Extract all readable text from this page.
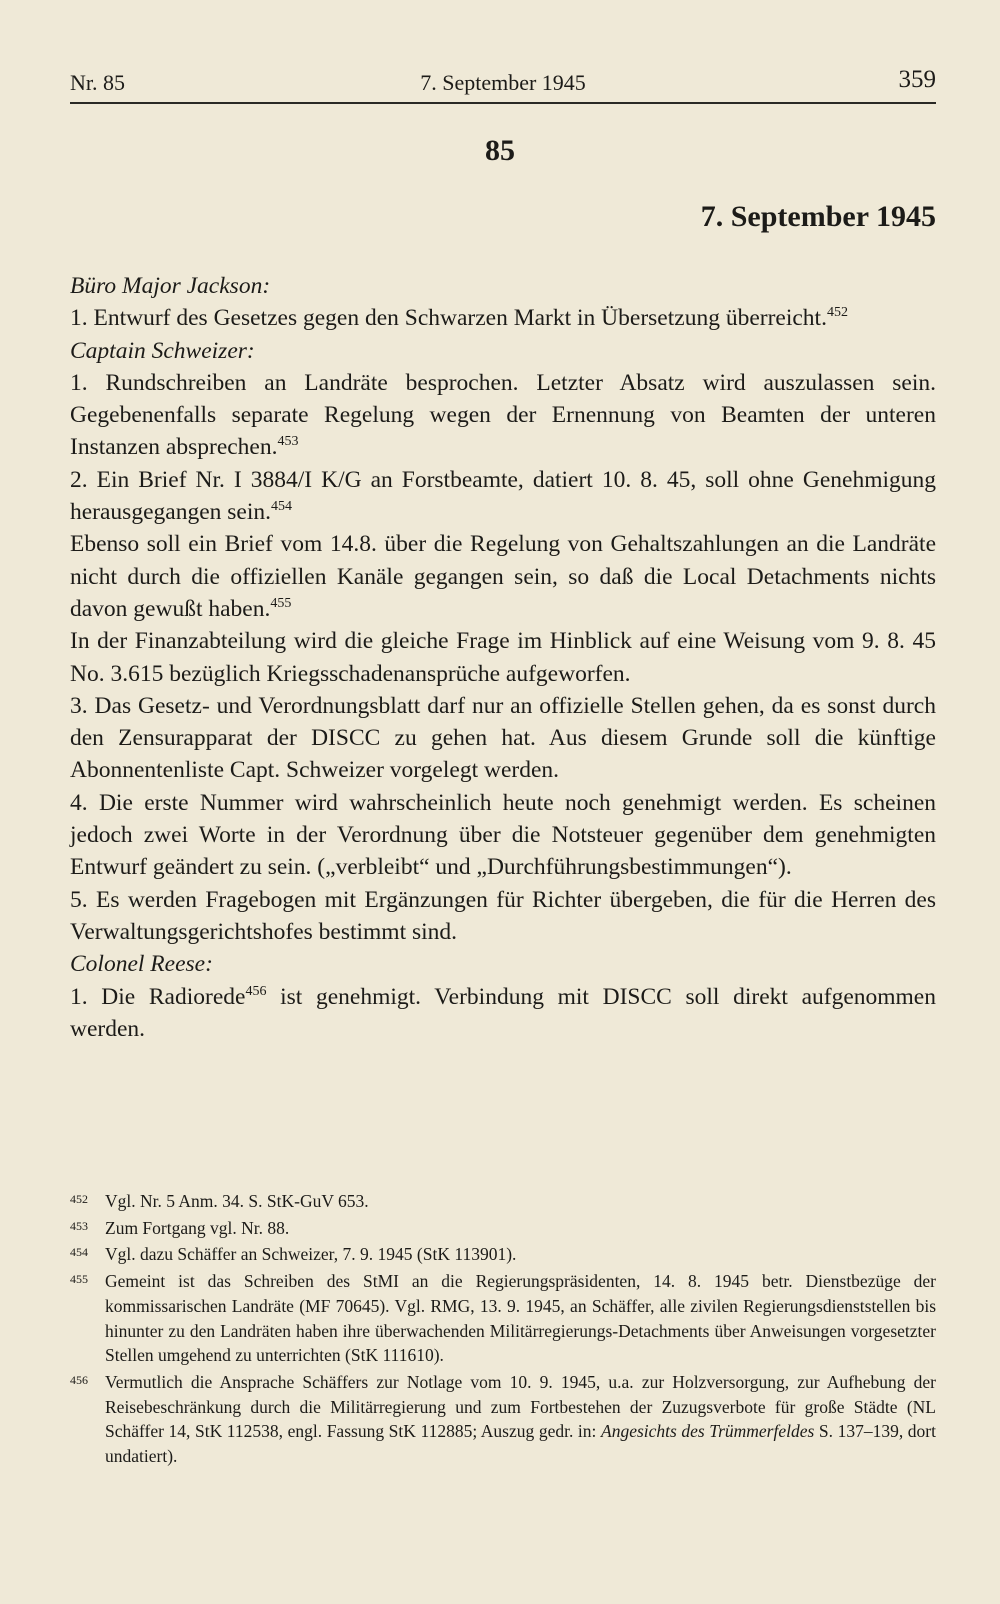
Nr. 85	7. September 1945	359
85
7. September 1945

Büro Major Jackson:

1. Entwurf des Gesetzes gegen den Schwarzen Markt in Übersetzung überreicht.$^{452}$

Captain Schweizer:

1. Rundschreiben an Landräte besprochen. Letzter Absatz wird auszulassen sein. Gegebenenfalls separate Regelung wegen der Ernennung von Beamten der unteren Instanzen absprechen.$^{453}$

2. Ein Brief Nr. I 3884/I K/G an Forstbeamte, datiert 10. 8. 45, soll ohne Genehmigung herausgegangen sein.$^{454}$

Ebenso soll ein Brief vom 14.8. über die Regelung von Gehaltszahlungen an die Landräte nicht durch die offiziellen Kanäle gegangen sein, so daß die Local Detachments nichts davon gewußt haben.$^{455}$

In der Finanzabteilung wird die gleiche Frage im Hinblick auf eine Weisung vom 9. 8. 45 No. 3.615 bezüglich Kriegsschadenansprüche aufgeworfen.

3. Das Gesetz- und Verordnungsblatt darf nur an offizielle Stellen gehen, da es sonst durch den Zensurapparat der DISCC zu gehen hat. Aus diesem Grunde soll die künftige Abonnentenliste Capt. Schweizer vorgelegt werden.

4. Die erste Nummer wird wahrscheinlich heute noch genehmigt werden. Es scheinen jedoch zwei Worte in der Verordnung über die Notsteuer gegenüber dem genehmigten Entwurf geändert zu sein. („verbleibt“ und „Durchführungsbestimmungen“).

5. Es werden Fragebogen mit Ergänzungen für Richter übergeben, die für die Herren des Verwaltungsgerichtshofes bestimmt sind.

Colonel Reese:

1. Die Radiorede$^{456}$ ist genehmigt. Verbindung mit DISCC soll direkt aufgenommen werden.

452 Vgl. Nr. 5 Anm. 34. S. StK-GuV 653.
453 Zum Fortgang vgl. Nr. 88.
454 Vgl. dazu Schäffer an Schweizer, 7. 9. 1945 (StK 113901).
455 Gemeint ist das Schreiben des StMI an die Regierungspräsidenten, 14. 8. 1945 betr. Dienstbezüge der kommissarischen Landräte (MF 70645). Vgl. RMG, 13. 9. 1945, an Schäffer, alle zivilen Regierungsdienststellen bis hinunter zu den Landräten haben ihre überwachenden Militärregierungs-Detachments über Anweisungen vorgesetzter Stellen umgehend zu unterrichten (StK 111610).
456 Vermutlich die Ansprache Schäffers zur Notlage vom 10. 9. 1945, u.a. zur Holzversorgung, zur Aufhebung der Reisebeschränkung durch die Militärregierung und zum Fortbestehen der Zuzugsverbote für große Städte (NL Schäffer 14, StK 112538, engl. Fassung StK 112885; Auszug gedr. in: Angesichts des Trümmerfeldes S. 137–139, dort undatiert).
